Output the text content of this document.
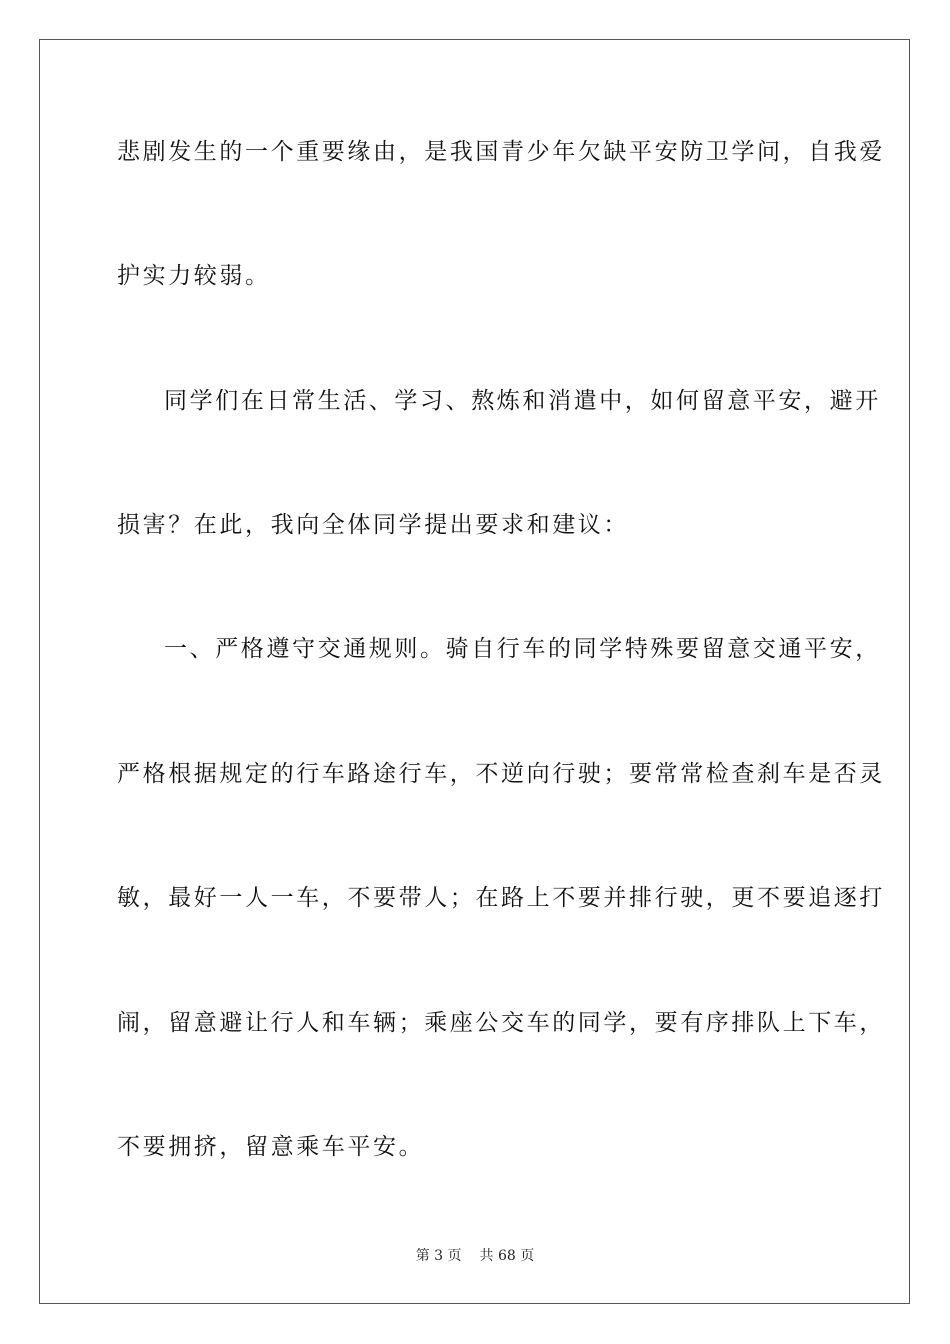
悲剧发生的一个重要缘由，是我国青少年欠缺平安防卫学问，自我爱
护实力较弱。
同学们在日常生活、学习、熬炼和消遣中，如何留意平安，避开
损害？在此，我向全体同学提出要求和建议：
一、严格遵守交通规则。骑自行车的同学特殊要留意交通平安，
严格根据规定的行车路途行车，不逆向行驶；要常常检查刹车是否灵
敏，最好一人一车，不要带人；在路上不要并排行驶，更不要追逐打
闹，留意避让行人和车辆；乘座公交车的同学，要有序排队上下车，
不要拥挤，留意乘车平安。
第 3 页 共 68 页
